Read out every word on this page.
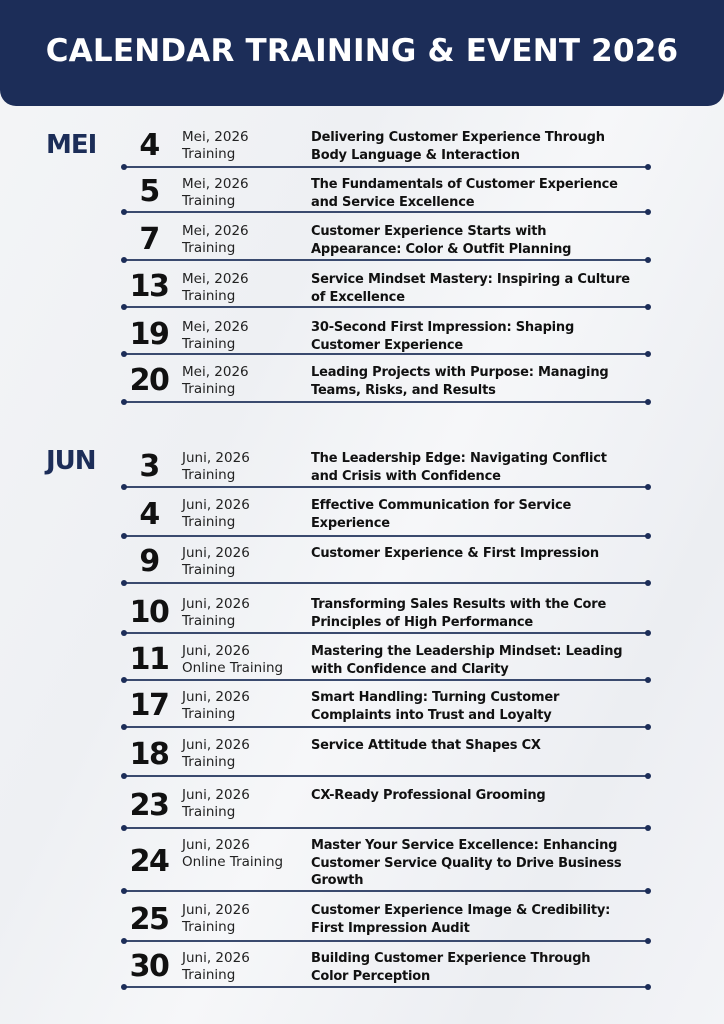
CALENDAR TRAINING & EVENT 2026
MEI	4	Mei, 2026
Training
Delivering Customer Experience Through Body Language & Interaction
5	Mei, 2026
Training
The Fundamentals of Customer Experience and Service Excellence
7	Mei, 2026
Training
Customer Experience Starts with Appearance: Color & Outfit Planning
13	Mei, 2026
Training
Service Mindset Mastery: Inspiring a Culture of Excellence
19	Mei, 2026
Training
30-Second First Impression: Shaping Customer Experience
20	Mei, 2026
Training
Leading Projects with Purpose: Managing Teams, Risks, and Results
JUN	3	Juni, 2026
Training
The Leadership Edge: Navigating Conflict and Crisis with Confidence
4	Juni, 2026
Training
Effective Communication for Service Experience
9	Juni, 2026
Training
Customer Experience & First Impression
10	Juni, 2026
Training
Transforming Sales Results with the Core Principles of High Performance
11	Juni, 2026
Online Training
Mastering the Leadership Mindset: Leading with Confidence and Clarity
17	Juni, 2026
Training
Smart Handling: Turning Customer Complaints into Trust and Loyalty
18	Juni, 2026
Training
Service Attitude that Shapes CX
23	Juni, 2026
Training
CX-Ready Professional Grooming
24	Juni, 2026
Online Training
Master Your Service Excellence: Enhancing Customer Service Quality to Drive Business Growth
25	Juni, 2026
Training
Customer Experience Image & Credibility: First Impression Audit
30	Juni, 2026
Training
Building Customer Experience Through Color Perception
